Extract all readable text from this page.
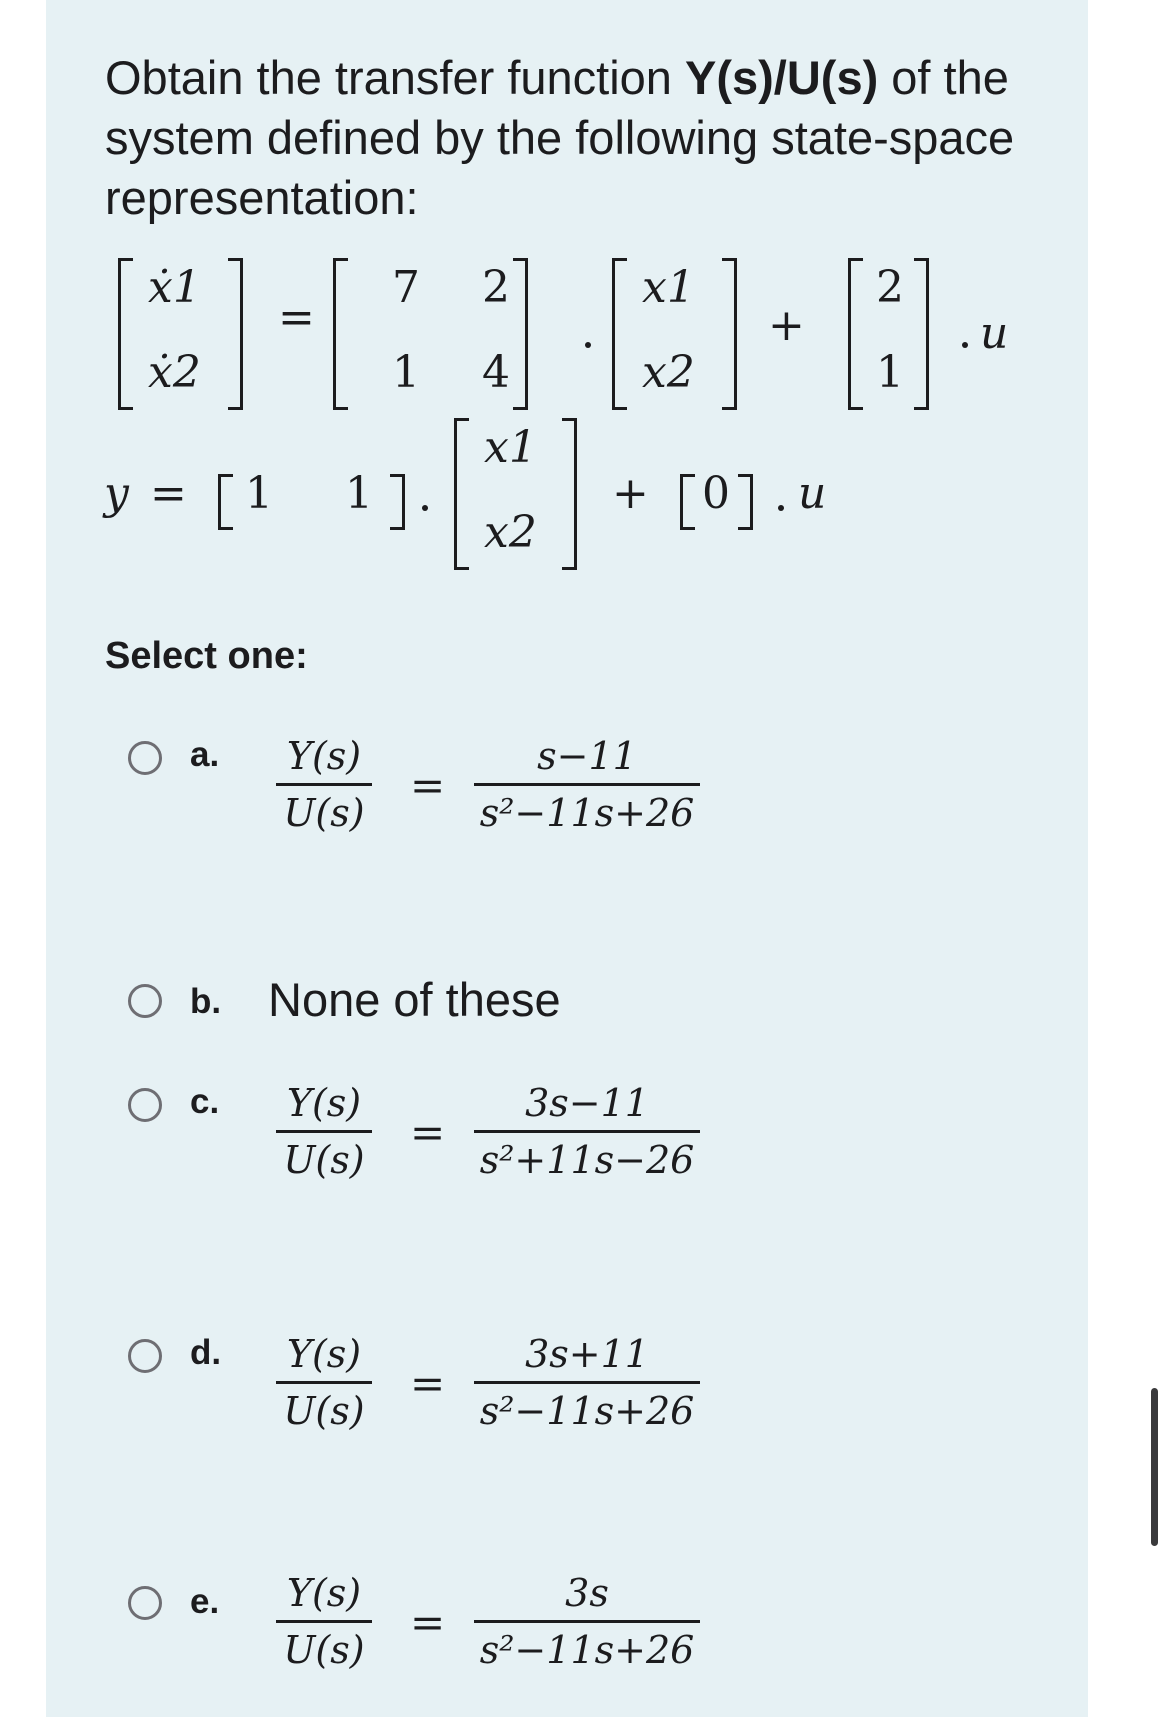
Obtain the transfer function Y(s)/U(s) of the system defined by the following state-space representation:

ẋ1
ẋ2
=
7 2
1 4
x1
x2
+
2
1
u
y = 1 1
x1
x2
+ 0 u

Select one:

a. Y(s)
U(s)
=
s−11
s²−11s+26
b. None of these
c. Y(s)
U(s)
=
3s−11
s²+11s−26
d. Y(s)
U(s)
=
3s+11
s²−11s+26
e. Y(s)
U(s)
=
3s
s²−11s+26
